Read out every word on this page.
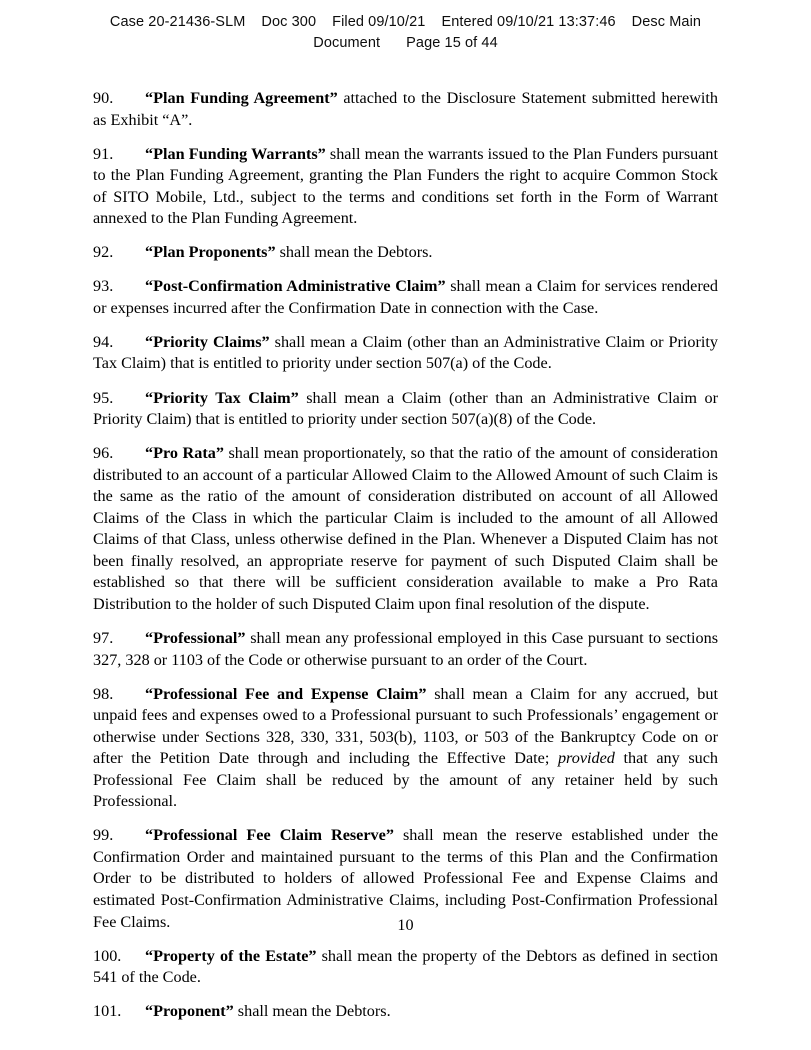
Case 20-21436-SLM Doc 300 Filed 09/10/21 Entered 09/10/21 13:37:46 Desc Main
Document Page 15 of 44

90. “Plan Funding Agreement” attached to the Disclosure Statement submitted herewith as Exhibit “A”.

91. “Plan Funding Warrants” shall mean the warrants issued to the Plan Funders pursuant to the Plan Funding Agreement, granting the Plan Funders the right to acquire Common Stock of SITO Mobile, Ltd., subject to the terms and conditions set forth in the Form of Warrant annexed to the Plan Funding Agreement.

92. “Plan Proponents” shall mean the Debtors.

93. “Post-Confirmation Administrative Claim” shall mean a Claim for services rendered or expenses incurred after the Confirmation Date in connection with the Case.

94. “Priority Claims” shall mean a Claim (other than an Administrative Claim or Priority Tax Claim) that is entitled to priority under section 507(a) of the Code.

95. “Priority Tax Claim” shall mean a Claim (other than an Administrative Claim or Priority Claim) that is entitled to priority under section 507(a)(8) of the Code.

96. “Pro Rata” shall mean proportionately, so that the ratio of the amount of consideration distributed to an account of a particular Allowed Claim to the Allowed Amount of such Claim is the same as the ratio of the amount of consideration distributed on account of all Allowed Claims of the Class in which the particular Claim is included to the amount of all Allowed Claims of that Class, unless otherwise defined in the Plan. Whenever a Disputed Claim has not been finally resolved, an appropriate reserve for payment of such Disputed Claim shall be established so that there will be sufficient consideration available to make a Pro Rata Distribution to the holder of such Disputed Claim upon final resolution of the dispute.

97. “Professional” shall mean any professional employed in this Case pursuant to sections 327, 328 or 1103 of the Code or otherwise pursuant to an order of the Court.

98. “Professional Fee and Expense Claim” shall mean a Claim for any accrued, but unpaid fees and expenses owed to a Professional pursuant to such Professionals’ engagement or otherwise under Sections 328, 330, 331, 503(b), 1103, or 503 of the Bankruptcy Code on or after the Petition Date through and including the Effective Date; provided that any such Professional Fee Claim shall be reduced by the amount of any retainer held by such Professional.

99. “Professional Fee Claim Reserve” shall mean the reserve established under the Confirmation Order and maintained pursuant to the terms of this Plan and the Confirmation Order to be distributed to holders of allowed Professional Fee and Expense Claims and estimated Post-Confirmation Administrative Claims, including Post-Confirmation Professional Fee Claims.

100. “Property of the Estate” shall mean the property of the Debtors as defined in section 541 of the Code.

101. “Proponent” shall mean the Debtors.

10
